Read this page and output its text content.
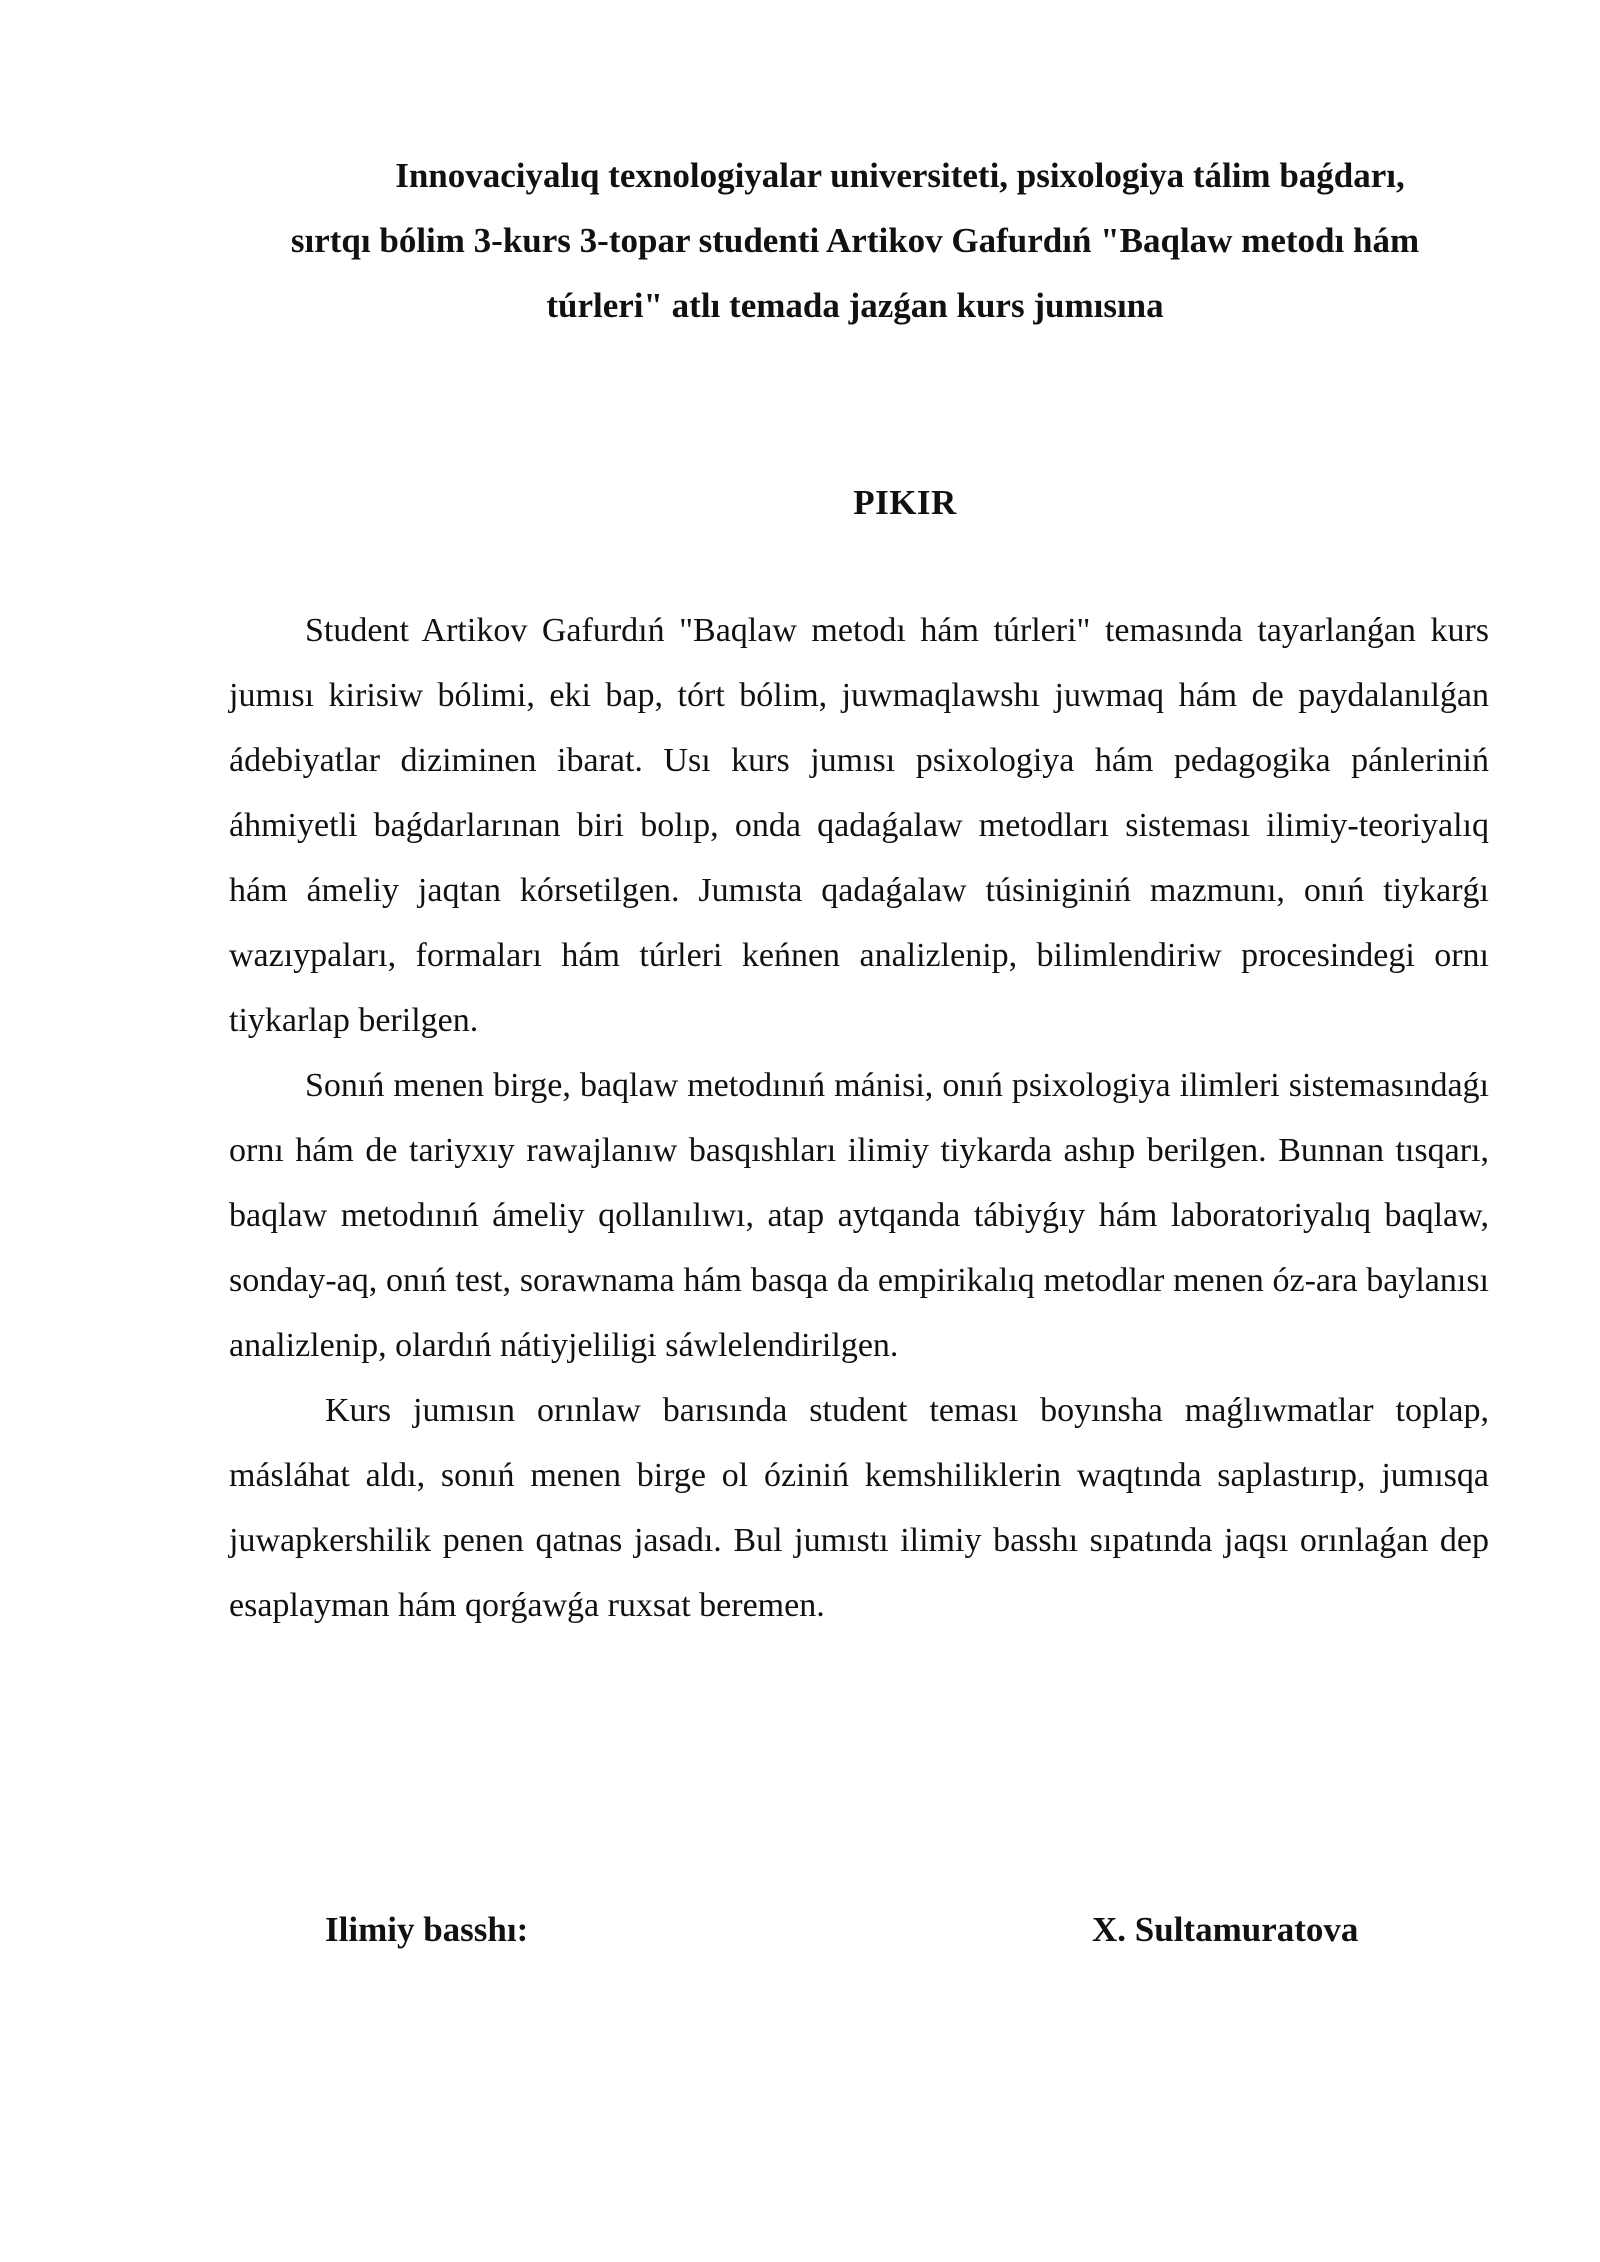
Innovaciyalıq texnologiyalar universiteti, psixologiya tálim baǵdarı,
sırtqı bólim 3-kurs 3-topar studenti Artikov Gafurdıń "Baqlaw metodı hám
túrleri" atlı temada jazǵan kurs jumısına
PIKIR

Student Artikov Gafurdıń "Baqlaw metodı hám túrleri" temasında tayarlanǵan kurs jumısı kirisiw bólimi, eki bap, tórt bólim, juwmaqlawshı juwmaq hám de paydalanılǵan ádebiyatlar diziminen ibarat. Usı kurs jumısı psixologiya hám pedagogika pánleriniń áhmiyetli baǵdarlarınan biri bolıp, onda qadaǵalaw metodları sisteması ilimiy-teoriyalıq hám ámeliy jaqtan kórsetilgen. Jumısta qadaǵalaw túsiniginiń mazmunı, onıń tiykarǵı wazıypaları, formaları hám túrleri keńnen analizlenip, bilimlendiriw procesindegi ornı tiykarlap berilgen.

Sonıń menen birge, baqlaw metodınıń mánisi, onıń psixologiya ilimleri sistemasındaǵı ornı hám de tariyxıy rawajlanıw basqıshları ilimiy tiykarda ashıp berilgen. Bunnan tısqarı, baqlaw metodınıń ámeliy qollanılıwı, atap aytqanda tábiyǵıy hám laboratoriyalıq baqlaw, sonday-aq, onıń test, sorawnama hám basqa da empirikalıq metodlar menen óz-ara baylanısı analizlenip, olardıń nátiyjeliligi sáwlelendirilgen.

Kurs jumısın orınlaw barısında student teması boyınsha maǵlıwmatlar toplap, másláhat aldı, sonıń menen birge ol óziniń kemshiliklerin waqtında saplastırıp, jumısqa juwapkershilik penen qatnas jasadı. Bul jumıstı ilimiy basshı sıpatında jaqsı orınlaǵan dep esaplayman hám qorǵawǵa ruxsat beremen.

Ilimiy basshı:	X. Sultamuratova
